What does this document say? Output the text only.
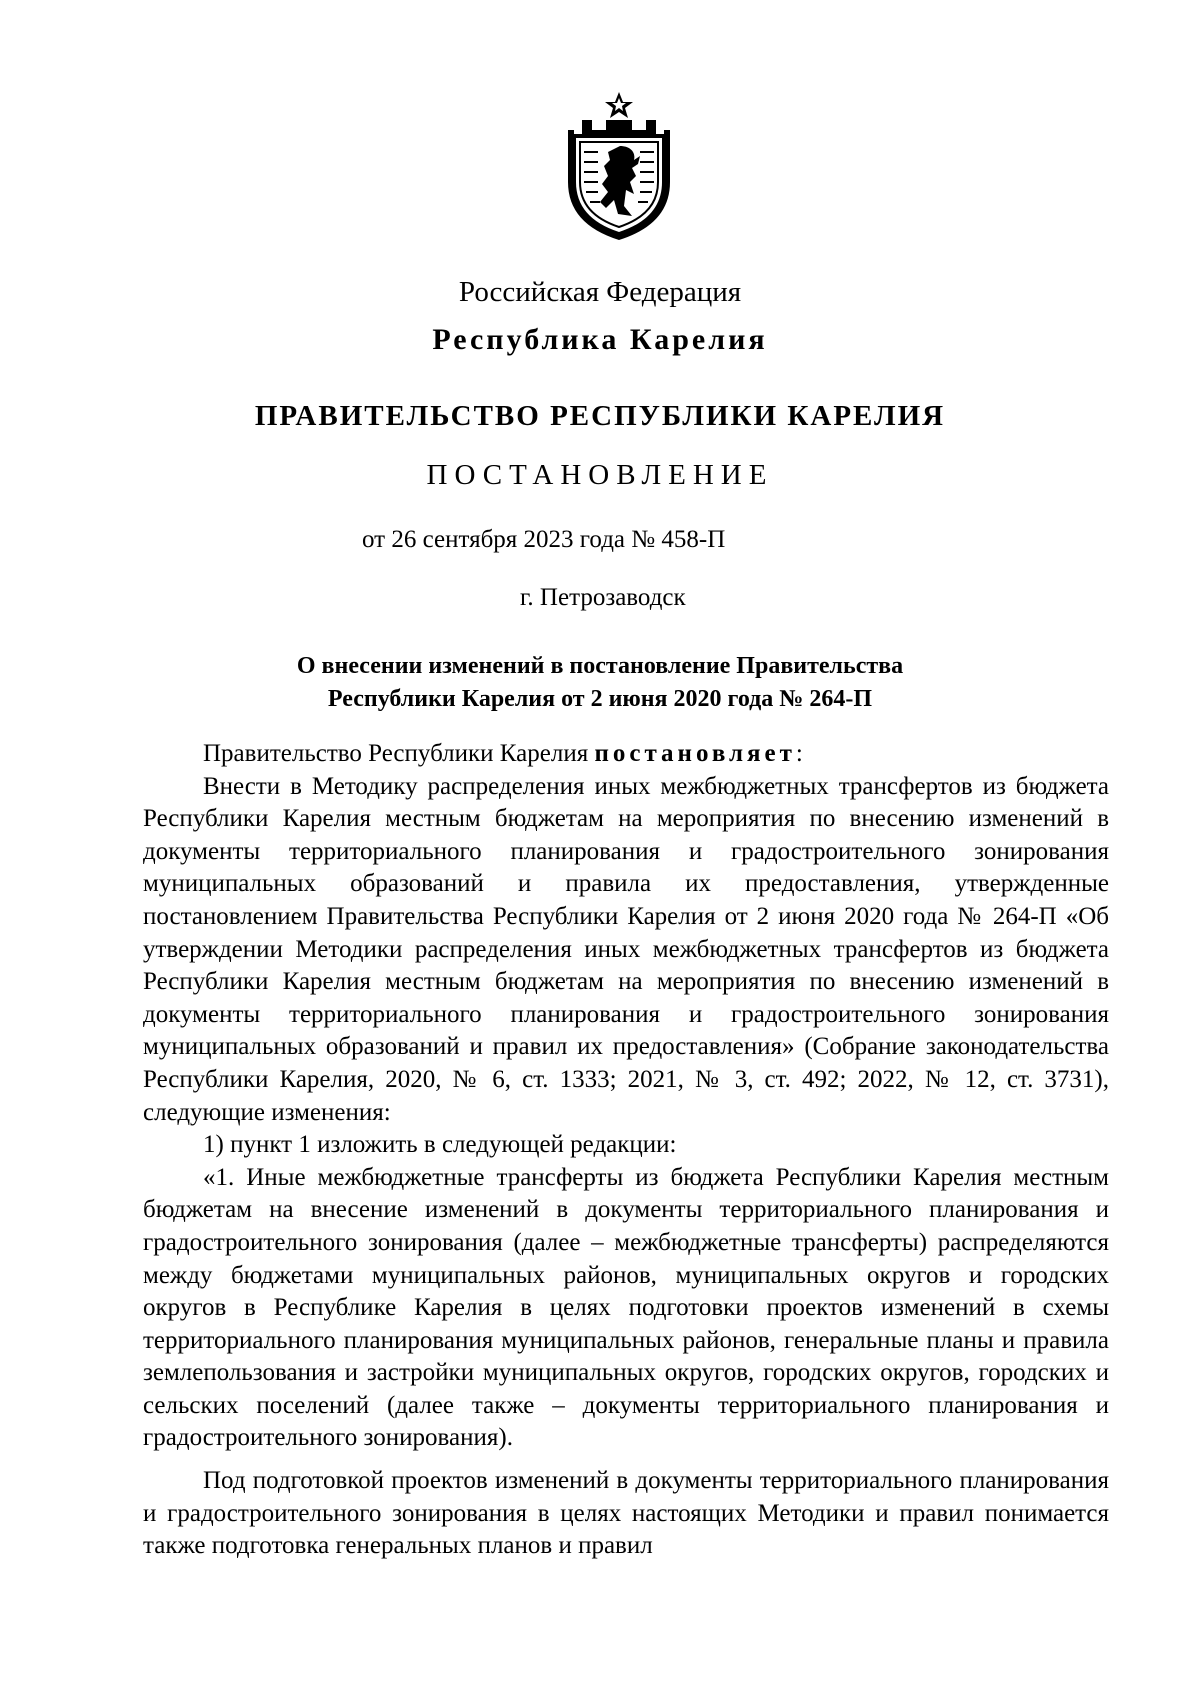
Российская Федерация
Республика Карелия
ПРАВИТЕЛЬСТВО РЕСПУБЛИКИ КАРЕЛИЯ
ПОСТАНОВЛЕНИЕ
от 26 сентября 2023 года № 458-П
г. Петрозаводск
О внесении изменений в постановление Правительства
Республики Карелия от 2 июня 2020 года № 264-П

Правительство Республики Карелия постановляет:

Внести в Методику распределения иных межбюджетных трансфертов из бюджета Республики Карелия местным бюджетам на мероприятия по внесению изменений в документы территориального планирования и градостроительного зонирования муниципальных образований и правила их предоставления, утвержденные постановлением Правительства Республики Карелия от 2 июня 2020 года № 264-П «Об утверждении Методики распределения иных межбюджетных трансфертов из бюджета Республики Карелия местным бюджетам на мероприятия по внесению изменений в документы территориального планирования и градостроительного зонирования муниципальных образований и правил их предоставления» (Собрание законодательства Республики Карелия, 2020, № 6, ст. 1333; 2021, № 3, ст. 492; 2022, № 12, ст. 3731), следующие изменения:

1) пункт 1 изложить в следующей редакции:

«1. Иные межбюджетные трансферты из бюджета Республики Карелия местным бюджетам на внесение изменений в документы территориального планирования и градостроительного зонирования (далее – межбюджетные трансферты) распределяются между бюджетами муниципальных районов, муниципальных округов и городских округов в Республике Карелия в целях подготовки проектов изменений в схемы территориального планирования муниципальных районов, генеральные планы и правила землепользования и застройки муниципальных округов, городских округов, городских и сельских поселений (далее также – документы территориального планирования и градостроительного зонирования).

Под подготовкой проектов изменений в документы территориального планирования и градостроительного зонирования в целях настоящих Методики и правил понимается также подготовка генеральных планов и правил
